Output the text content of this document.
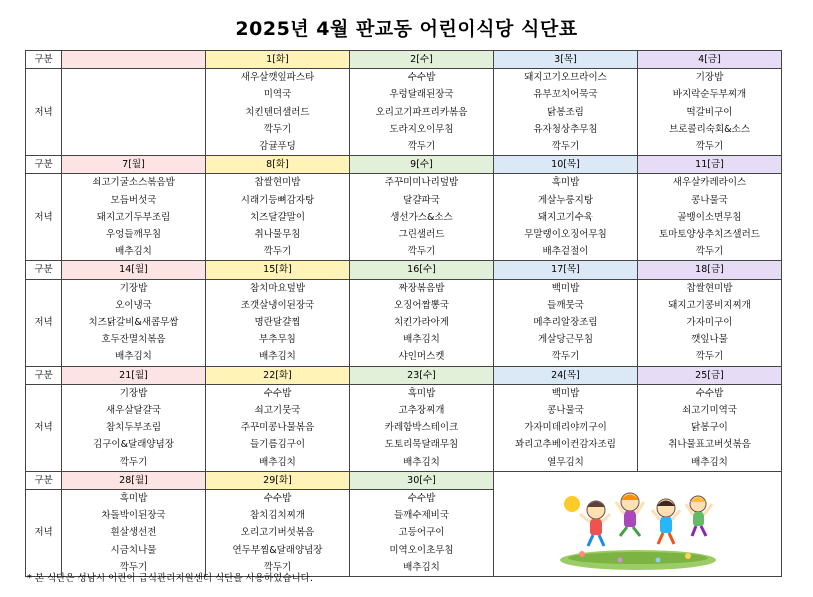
2025년 4월 판교동 어린이식당 식단표
구분		1[화]	2[수]	3[목]	4[금]
저녁		새우살깻잎파스타
미역국
치킨텐더샐러드
깍두기
감귤푸딩	수수밥
우렁달래된장국
오리고기파프리카볶음
도라지오이무침
깍두기	돼지고기오므라이스
유부꼬치어묵국
닭봉조림
유자청상추무침
깍두기	기장밥
바지락순두부찌개
떡갈비구이
브로콜리숙회&소스
깍두기

구분	7[월]	8[화]	9[수]	10[목]	11[금]
저녁	쇠고기굴소스볶음밥
모듬버섯국
돼지고기두부조림
우엉들깨무침
배추김치	찹쌀현미밥
시래기등뼈감자탕
치즈달걀말이
취나물무침
깍두기	주꾸미미나리덮밥
달걀파국
생선가스&소스
그린샐러드
깍두기	흑미밥
게살누룽지탕
돼지고기수육
무말랭이오징어무침
배추겉절이	새우살카레라이스
콩나물국
골뱅이소면무침
토마토양상추치즈샐러드
깍두기

구분	14[월]	15[화]	16[수]	17[목]	18[금]
저녁	기장밥
오이냉국
치즈닭갈비&새콤무쌈
호두잔멸치볶음
배추김치	참치마요덮밥
조갯살냉이된장국
명란달걀찜
부추무침
배추김치	짜장볶음밥
오징어짬뽕국
치킨가라아게
배추김치
샤인머스켓	백미밥
들깨뭇국
메추리알장조림
게살당근무침
깍두기	찹쌀현미밥
돼지고기콩비지찌개
가자미구이
깻잎나물
깍두기

구분	21[월]	22[화]	23[수]	24[목]	25[금]
저녁	기장밥
새우살달걀국
참치두부조림
김구이&달래양념장
깍두기	수수밥
쇠고기뭇국
주꾸미콩나물볶음
들기름김구이
배추김치	흑미밥
고추장찌개
카레함박스테이크
도토리묵달래무침
배추김치	백미밥
콩나물국
가자미데리야끼구이
꽈리고추베이컨감자조림
열무김치	수수밥
쇠고기미역국
닭봉구이
취나물표고버섯볶음
배추김치

구분	28[월]	29[화]	30[수]	

저녁	흑미밥
차돌박이된장국
흰살생선전
시금치나물
깍두기	수수밥
참치김치찌개
오리고기버섯볶음
연두부찜&달래양념장
깍두기	수수밥
들깨수제비국
고등어구이
미역오이초무침
배추김치		
* 본 식단은 성남시 어린이 급식관리지원센터 식단을 사용하였습니다.
